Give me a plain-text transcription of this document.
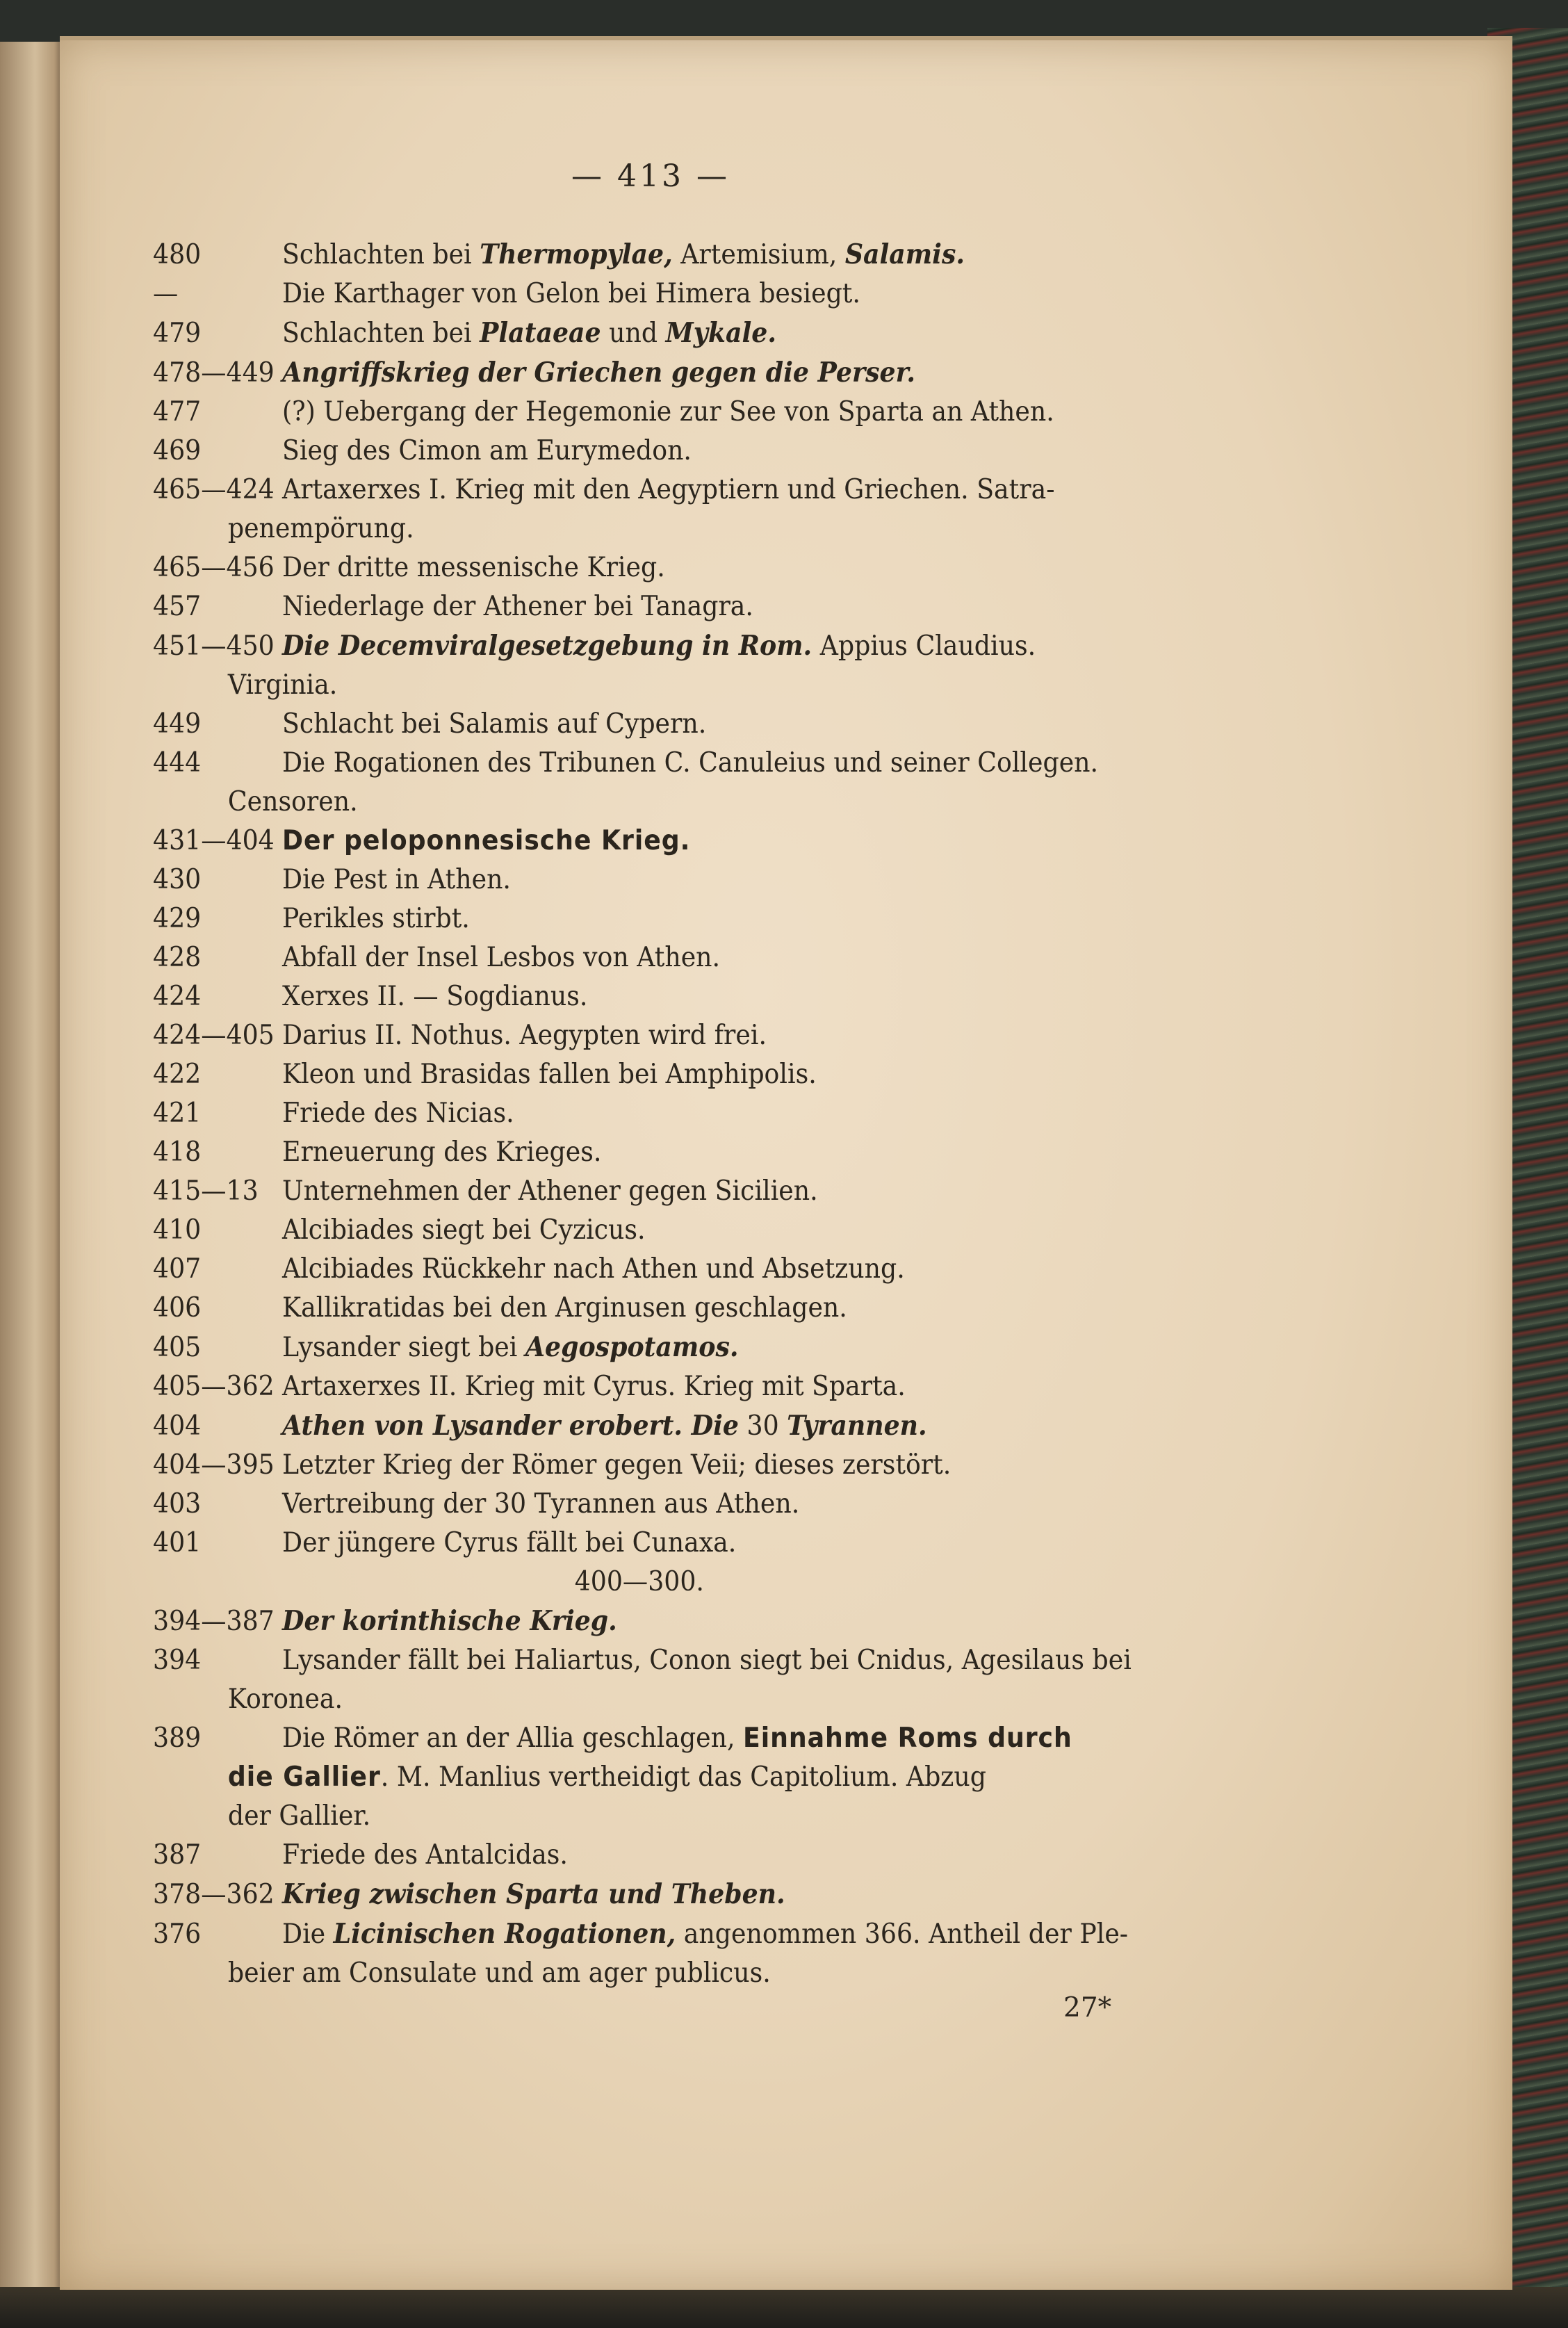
— 413 —
480	Schlachten bei Thermopylae, Artemisium, Salamis.
—	Die Karthager von Gelon bei Himera besiegt.
479	Schlachten bei Plataeae und Mykale.
478—449 Angriffskrieg der Griechen gegen die Perser.
477	(?) Uebergang der Hegemonie zur See von Sparta an Athen.
469	Sieg des Cimon am Eurymedon.
465—424 Artaxerxes I. Krieg mit den Aegyptiern und Griechen. Satra-
penempörung.
465—456 Der dritte messenische Krieg.
457	Niederlage der Athener bei Tanagra.
451—450 Die Decemviralgesetzgebung in Rom. Appius Claudius.
Virginia.
449	Schlacht bei Salamis auf Cypern.
444	Die Rogationen des Tribunen C. Canuleius und seiner Collegen.
Censoren.
431—404 Der peloponnesische Krieg.
430	Die Pest in Athen.
429	Perikles stirbt.
428	Abfall der Insel Lesbos von Athen.
424	Xerxes II. — Sogdianus.
424—405 Darius II. Nothus. Aegypten wird frei.
422	Kleon und Brasidas fallen bei Amphipolis.
421	Friede des Nicias.
418	Erneuerung des Krieges.
415—13 Unternehmen der Athener gegen Sicilien.
410	Alcibiades siegt bei Cyzicus.
407	Alcibiades Rückkehr nach Athen und Absetzung.
406	Kallikratidas bei den Arginusen geschlagen.
405	Lysander siegt bei Aegospotamos.
405—362 Artaxerxes II. Krieg mit Cyrus. Krieg mit Sparta.
404	Athen von Lysander erobert. Die 30 Tyrannen.
404—395 Letzter Krieg der Römer gegen Veii; dieses zerstört.
403	Vertreibung der 30 Tyrannen aus Athen.
401	Der jüngere Cyrus fällt bei Cunaxa.
400—300.
394—387 Der korinthische Krieg.
394	Lysander fällt bei Haliartus, Conon siegt bei Cnidus, Agesilaus bei
Koronea.
389	Die Römer an der Allia geschlagen, Einnahme Roms durch
die Gallier. M. Manlius vertheidigt das Capitolium. Abzug
der Gallier.
387	Friede des Antalcidas.
378—362 Krieg zwischen Sparta und Theben.
376	Die Licinischen Rogationen, angenommen 366. Antheil der Ple-
beier am Consulate und am ager publicus.
27*
